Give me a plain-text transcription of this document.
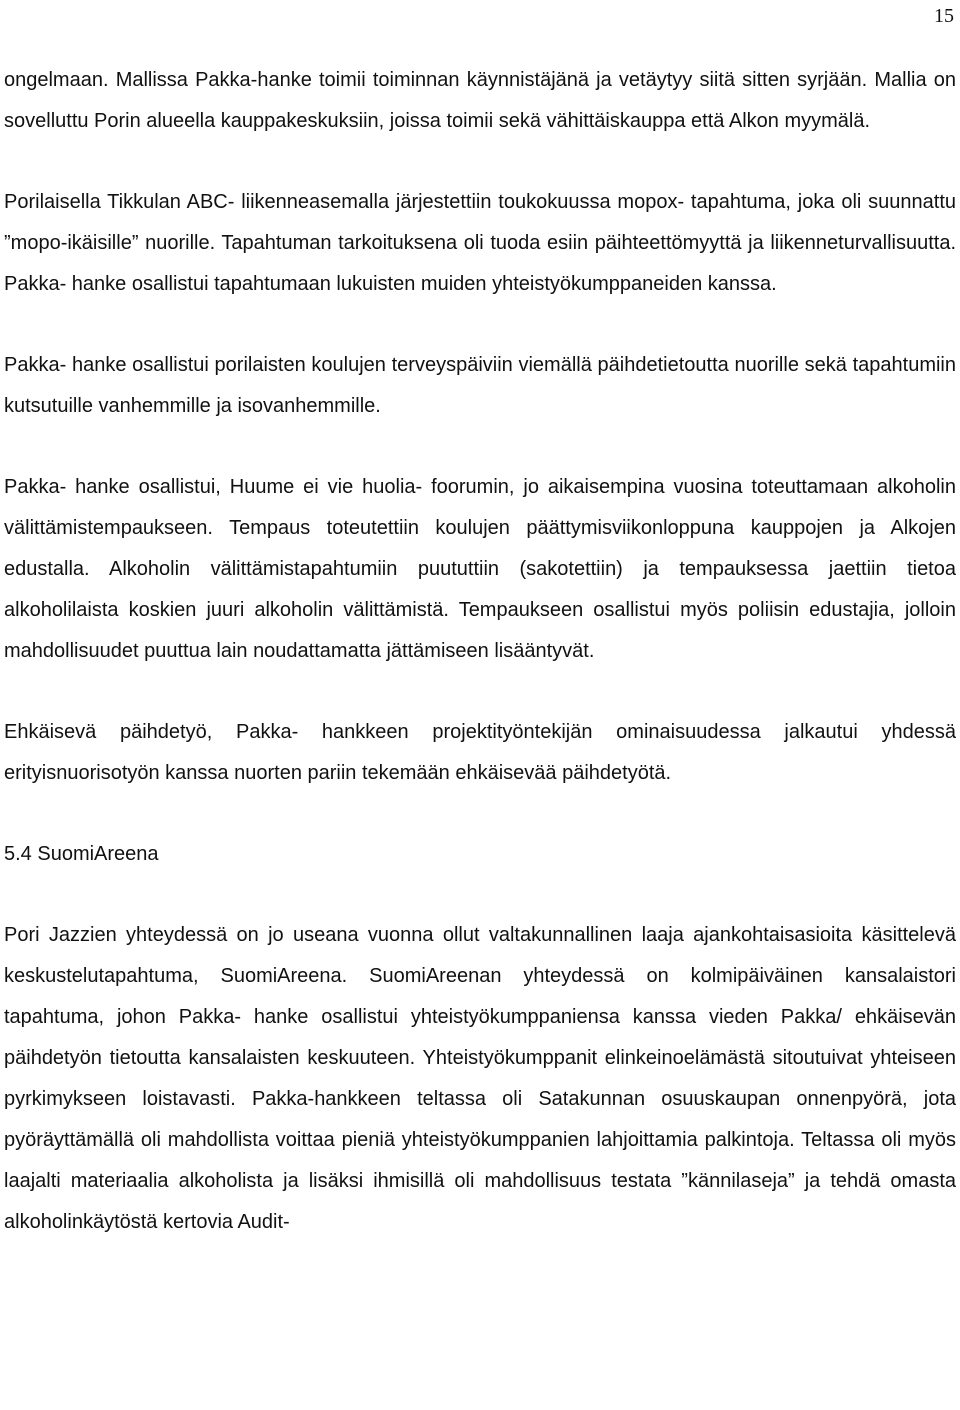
15

ongelmaan. Mallissa Pakka-hanke toimii toiminnan käynnistäjänä ja vetäytyy siitä sitten syrjään. Mallia on sovelluttu Porin alueella kauppakeskuksiin, joissa toimii sekä vähittäiskauppa että Alkon myymälä.

Porilaisella Tikkulan ABC- liikenneasemalla järjestettiin toukokuussa mopox- tapahtuma, joka oli suunnattu ”mopo-ikäisille” nuorille. Tapahtuman tarkoituksena oli tuoda esiin päihteettömyyttä ja liikenneturvallisuutta. Pakka- hanke osallistui tapahtumaan lukuisten muiden yhteistyökumppaneiden kanssa.

Pakka- hanke osallistui porilaisten koulujen terveyspäiviin viemällä päihdetietoutta nuorille sekä tapahtumiin kutsutuille vanhemmille ja isovanhemmille.

Pakka- hanke osallistui, Huume ei vie huolia- foorumin, jo aikaisempina vuosina toteuttamaan alkoholin välittämistempaukseen. Tempaus toteutettiin koulujen päättymisviikonloppuna kauppojen ja Alkojen edustalla. Alkoholin välittämistapahtumiin puututtiin (sakotettiin) ja tempauksessa jaettiin tietoa alkoholilaista koskien juuri alkoholin välittämistä. Tempaukseen osallistui myös poliisin edustajia, jolloin mahdollisuudet puuttua lain noudattamatta jättämiseen lisääntyvät.

Ehkäisevä päihdetyö, Pakka- hankkeen projektityöntekijän ominaisuudessa jalkautui yhdessä erityisnuorisotyön kanssa nuorten pariin tekemään ehkäisevää päihdetyötä.

5.4 SuomiAreena

Pori Jazzien yhteydessä on jo useana vuonna ollut valtakunnallinen laaja ajankohtaisasioita käsittelevä keskustelutapahtuma, SuomiAreena. SuomiAreenan yhteydessä on kolmipäiväinen kansalaistori tapahtuma, johon Pakka- hanke osallistui yhteistyökumppaniensa kanssa vieden Pakka/ ehkäisevän päihdetyön tietoutta kansalaisten keskuuteen. Yhteistyökumppanit elinkeinoelämästä sitoutuivat yhteiseen pyrkimykseen loistavasti. Pakka-hankkeen teltassa oli Satakunnan osuuskaupan onnenpyörä, jota pyöräyttämällä oli mahdollista voittaa pieniä yhteistyökumppanien lahjoittamia palkintoja. Teltassa oli myös laajalti materiaalia alkoholista ja lisäksi ihmisillä oli mahdollisuus testata ”kännilaseja” ja tehdä omasta alkoholinkäytöstä kertovia Audit-
